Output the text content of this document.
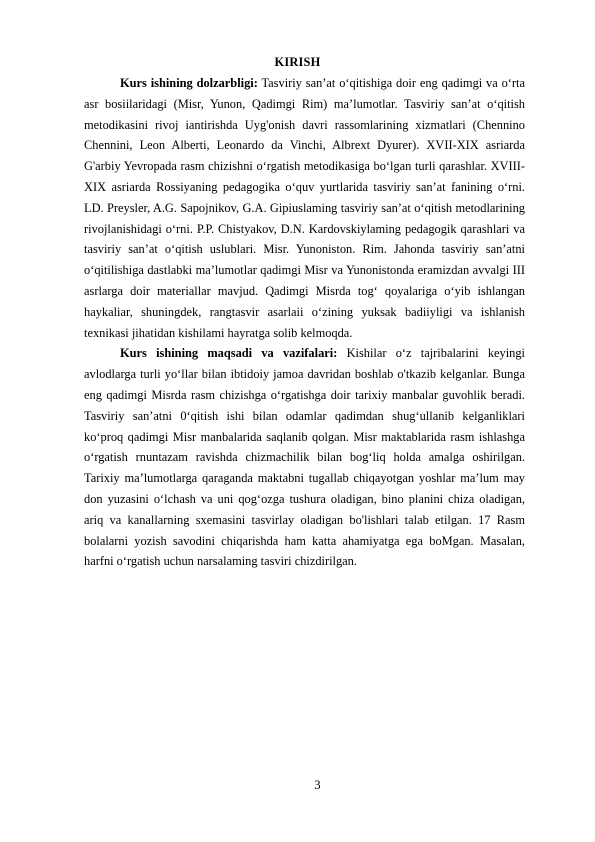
KIRISH

Kurs ishining dolzarbligi: Tasviriy san’at o‘qitishiga doir eng qadimgi va o‘rta asr bosiilaridagi (Misr, Yunon, Qadimgi Rim) ma’lumotlar. Tasviriy san’at o‘qitish metodikasini rivoj iantirishda Uyg'onish davri rassomlarining xizmatlari (Chennino Chennini, Leon Alberti, Leonardo da Vinchi, Albrext Dyurer). XVII-XIX asriarda G'arbiy Yevropada rasm chizishni o‘rgatish metodikasiga bo‘lgan turli qarashlar. XVIII-XIX asriarda Rossiyaning pedagogika o‘quv yurtlarida tasviriy san’at fanining o‘rni. LD. Preysler, A.G. Sapojnikov, G.A. Gipiuslaming tasviriy san’at o‘qitish metodlarining rivojlanishidagi o‘rni. P.P. Chistyakov, D.N. Kardovskiylaming pedagogik qarashlari va tasviriy san’at o‘qitish uslublari. Misr. Yunoniston. Rim. Jahonda tasviriy san’atni o‘qitilishiga dastlabki ma’lumotlar qadimgi Misr va Yunonistonda eramizdan avvalgi III asrlarga doir materiallar mavjud. Qadimgi Misrda tog‘ qoyalariga o‘yib ishlangan haykaliar, shuningdek, rangtasvir asarlaii o‘zining yuksak badiiyligi va ishlanish texnikasi jihatidan kishilami hayratga solib kelmoqda.

Kurs ishining maqsadi va vazifalari: Kishilar o‘z tajribalarini keyingi avlodlarga turli yo‘llar bilan ibtidoiy jamoa davridan boshlab o'tkazib kelganlar. Bunga eng qadimgi Misrda rasm chizishga o‘rgatishga doir tarixiy manbalar guvohlik beradi. Tasviriy san’atni 0‘qitish ishi bilan odamlar qadimdan shug‘ullanib kelganliklari ko‘proq qadimgi Misr manbalarida saqlanib qolgan. Misr maktablarida rasm ishlashga o‘rgatish rnuntazam ravishda chizmachilik bilan bog‘liq holda amalga oshirilgan. Tarixiy ma’lumotlarga qaraganda maktabni tugallab chiqayotgan yoshlar ma’lum may don yuzasini o‘lchash va uni qog‘ozga tushura oladigan, bino planini chiza oladigan, ariq va kanallarning sxemasini tasvirlay oladigan bo'lishlari talab etilgan. 17 Rasm bolalarni yozish savodini chiqarishda ham katta ahamiyatga ega boMgan. Masalan, harfni o‘rgatish uchun narsalaming tasviri chizdirilgan.

3
